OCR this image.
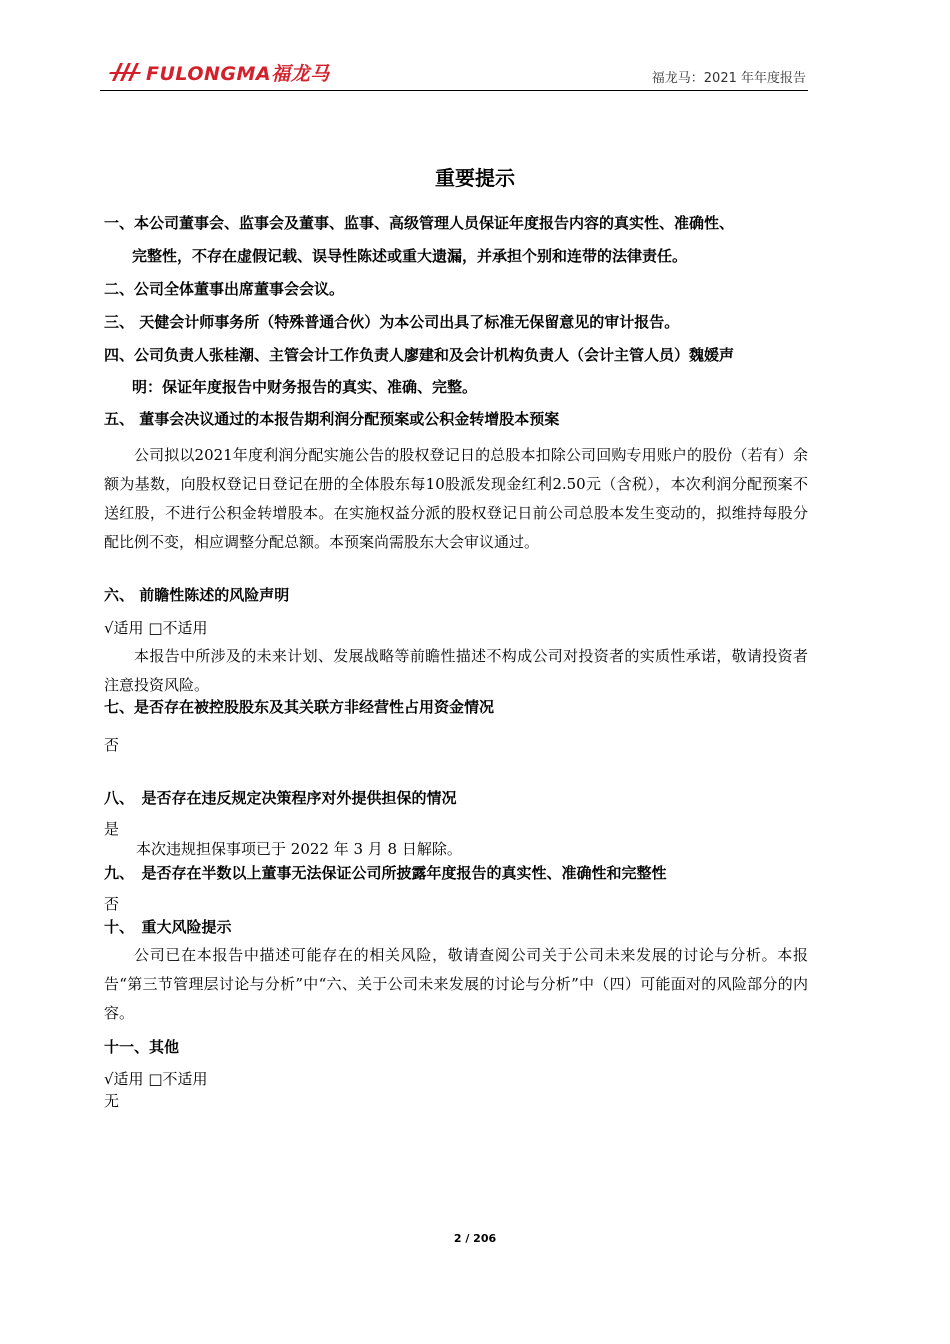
FULONGMA福龙马	福龙马：2021 年年度报告
重要提示
一、本公司董事会、监事会及董事、监事、高级管理人员保证年度报告内容的真实性、准确性、
完整性，不存在虚假记载、误导性陈述或重大遗漏，并承担个别和连带的法律责任。
二、公司全体董事出席董事会会议。
三、 天健会计师事务所（特殊普通合伙）为本公司出具了标准无保留意见的审计报告。
四、公司负责人张桂潮、主管会计工作负责人廖建和及会计机构负责人（会计主管人员）魏媛声
明：保证年度报告中财务报告的真实、准确、完整。
五、 董事会决议通过的本报告期利润分配预案或公积金转增股本预案
公司拟以2021年度利润分配实施公告的股权登记日的总股本扣除公司回购专用账户的股份（若有）余额为基数，向股权登记日登记在册的全体股东每10股派发现金红利2.50元（含税），本次利润分配预案不送红股，不进行公积金转增股本。在实施权益分派的股权登记日前公司总股本发生变动的，拟维持每股分配比例不变，相应调整分配总额。本预案尚需股东大会审议通过。
六、 前瞻性陈述的风险声明
√适用 □不适用
本报告中所涉及的未来计划、发展战略等前瞻性描述不构成公司对投资者的实质性承诺，敬请投资者注意投资风险。
七、是否存在被控股股东及其关联方非经营性占用资金情况
否
八、　是否存在违反规定决策程序对外提供担保的情况
是
本次违规担保事项已于 2022 年 3 月 8 日解除。
九、　是否存在半数以上董事无法保证公司所披露年度报告的真实性、准确性和完整性
否
十、　重大风险提示
公司已在本报告中描述可能存在的相关风险，敬请查阅公司关于公司未来发展的讨论与分析。本报告“第三节管理层讨论与分析”中“六、关于公司未来发展的讨论与分析”中（四）可能面对的风险部分的内容。
十一、其他
√适用 □不适用
无
2 / 206
